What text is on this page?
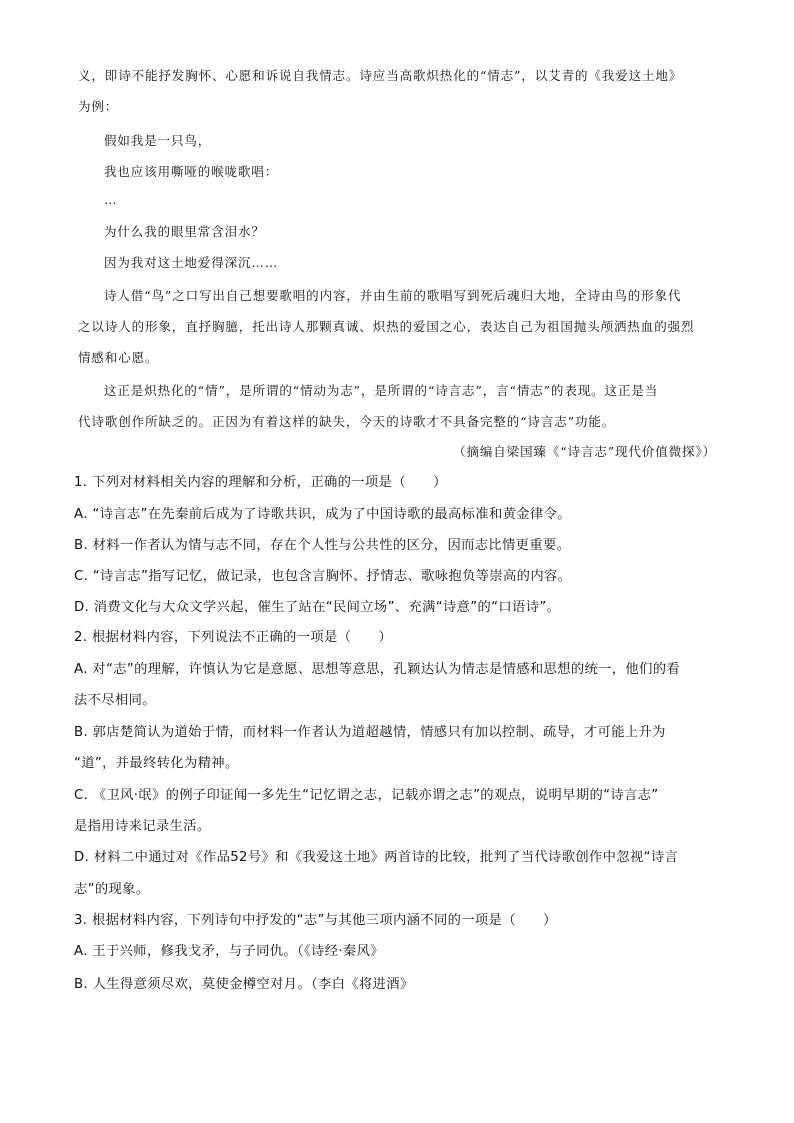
义，即诗不能抒发胸怀、心愿和诉说自我情志。诗应当高歌炽热化的“情志”，以艾青的《我爱这土地》
为例：
假如我是一只鸟，
我也应该用嘶哑的喉咙歌唱：
…
为什么我的眼里常含泪水？
因为我对这土地爱得深沉……
诗人借“鸟”之口写出自己想要歌唱的内容，并由生前的歌唱写到死后魂归大地，全诗由鸟的形象代
之以诗人的形象，直抒胸臆，托出诗人那颗真诚、炽热的爱国之心，表达自己为祖国抛头颅洒热血的强烈
情感和心愿。
这正是炽热化的“情”，是所谓的“情动为志”，是所谓的“诗言志”，言“情志”的表现。这正是当
代诗歌创作所缺乏的。正因为有着这样的缺失，今天的诗歌才不具备完整的“诗言志”功能。
（摘编自梁国臻《“诗言志”现代价值微探》）
1. 下列对材料相关内容的理解和分析，正确的一项是（　　）
A. “诗言志”在先秦前后成为了诗歌共识，成为了中国诗歌的最高标准和黄金律令。
B. 材料一作者认为情与志不同，存在个人性与公共性的区分，因而志比情更重要。
C. “诗言志”指写记忆，做记录，也包含言胸怀、抒情志、歌咏抱负等崇高的内容。
D. 消费文化与大众文学兴起，催生了站在“民间立场”、充满“诗意”的“口语诗”。
2. 根据材料内容，下列说法不正确的一项是（　　）
A. 对“志”的理解，许慎认为它是意愿、思想等意思，孔颖达认为情志是情感和思想的统一，他们的看
法不尽相同。
B. 郭店楚简认为道始于情，而材料一作者认为道超越情，情感只有加以控制、疏导，才可能上升为
“道”，并最终转化为精神。
C. 《卫风·氓》的例子印证闻一多先生“记忆谓之志，记载亦谓之志”的观点，说明早期的“诗言志”
是指用诗来记录生活。
D. 材料二中通过对《作品52号》和《我爱这土地》两首诗的比较，批判了当代诗歌创作中忽视“诗言
志”的现象。
3. 根据材料内容，下列诗句中抒发的“志”与其他三项内涵不同的一项是（　　）
A. 王于兴师，修我戈矛，与子同仇。（《诗经·秦风》
B. 人生得意须尽欢，莫使金樽空对月。（李白《将进酒》
